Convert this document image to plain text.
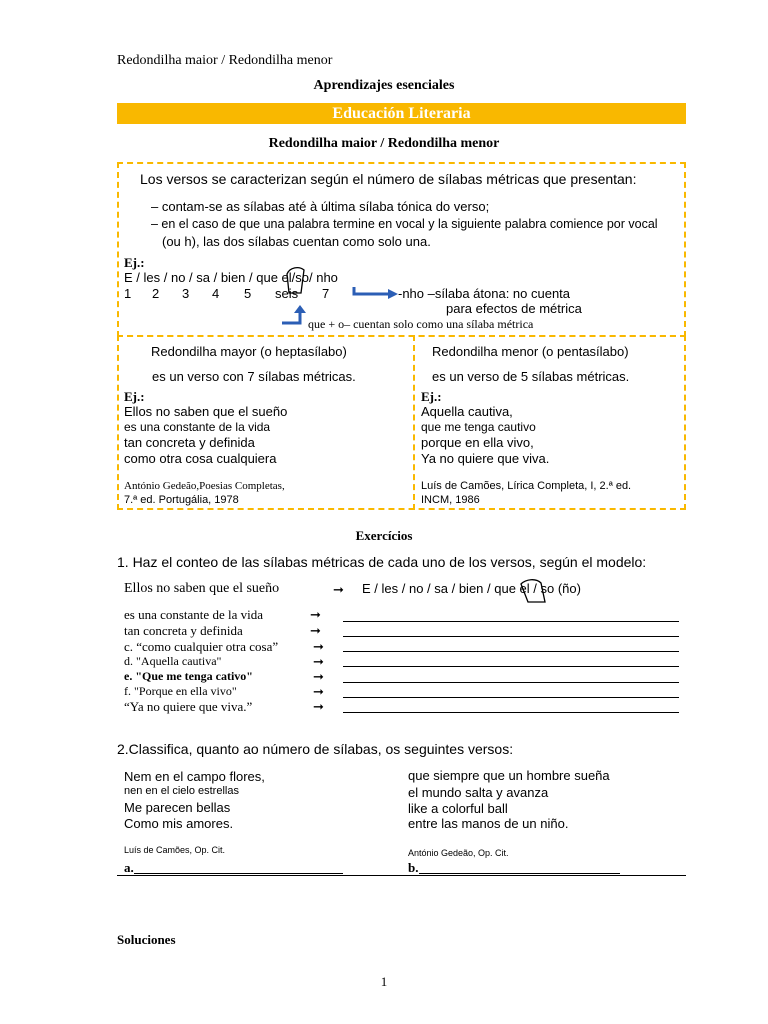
Redondilha maior / Redondilha menor
Aprendizajes esenciales
Educación Literaria
Redondilha maior / Redondilha menor
Los versos se caracterizan según el número de sílabas métricas que presentan:
– contam-se as sílabas até à última sílaba tónica do verso;
– en el caso de que una palabra termine en vocal y la siguiente palabra comience por vocal
(ou h), las dos sílabas cuentan como solo una.
Ej.:
E / les / no / sa / bien / que el/so/ nho
1 2 3 4 5 seis 7	-nho –sílaba átona: no cuenta
para efectos de métrica
que + o– cuentan solo como una sílaba métrica
Redondilha mayor (o heptasílabo)
es un verso con 7 sílabas métricas.
Ej.:
Ellos no saben que el sueño
es una constante de la vida
tan concreta y definida
como otra cosa cualquiera
António Gedeão,Poesias Completas,
7.ª ed. Portugália, 1978
Redondilha menor (o pentasílabo)
es un verso de 5 sílabas métricas.
Ej.:
Aquella cautiva,
que me tenga cautivo
porque en ella vivo,
Ya no quiere que viva.
Luís de Camões, Lírica Completa, I, 2.ª ed.
INCM, 1986
Exercícios
1. Haz el conteo de las sílabas métricas de cada uno de los versos, según el modelo:
Ellos no saben que el sueño	➞ E / les / no / sa / bien / que el / so (ño)
es una constante de la vida	➞
tan concreta y definida	➞
c. “como cualquier otra cosa”	➞
d. "Aquella cautiva"	➞
e. "Que me tenga cativo"	➞
f. "Porque en ella vivo"	➞
“Ya no quiere que viva.”	➞
2.Classifica, quanto ao número de sílabas, os seguintes versos:
Nem en el campo flores,
nen en el cielo estrellas
Me parecen bellas
Como mis amores.
Luís de Camões, Op. Cit.
a.
que siempre que un hombre sueña
el mundo salta y avanza
like a colorful ball
entre las manos de un niño.
António Gedeão, Op. Cit.
b.
Soluciones
1
